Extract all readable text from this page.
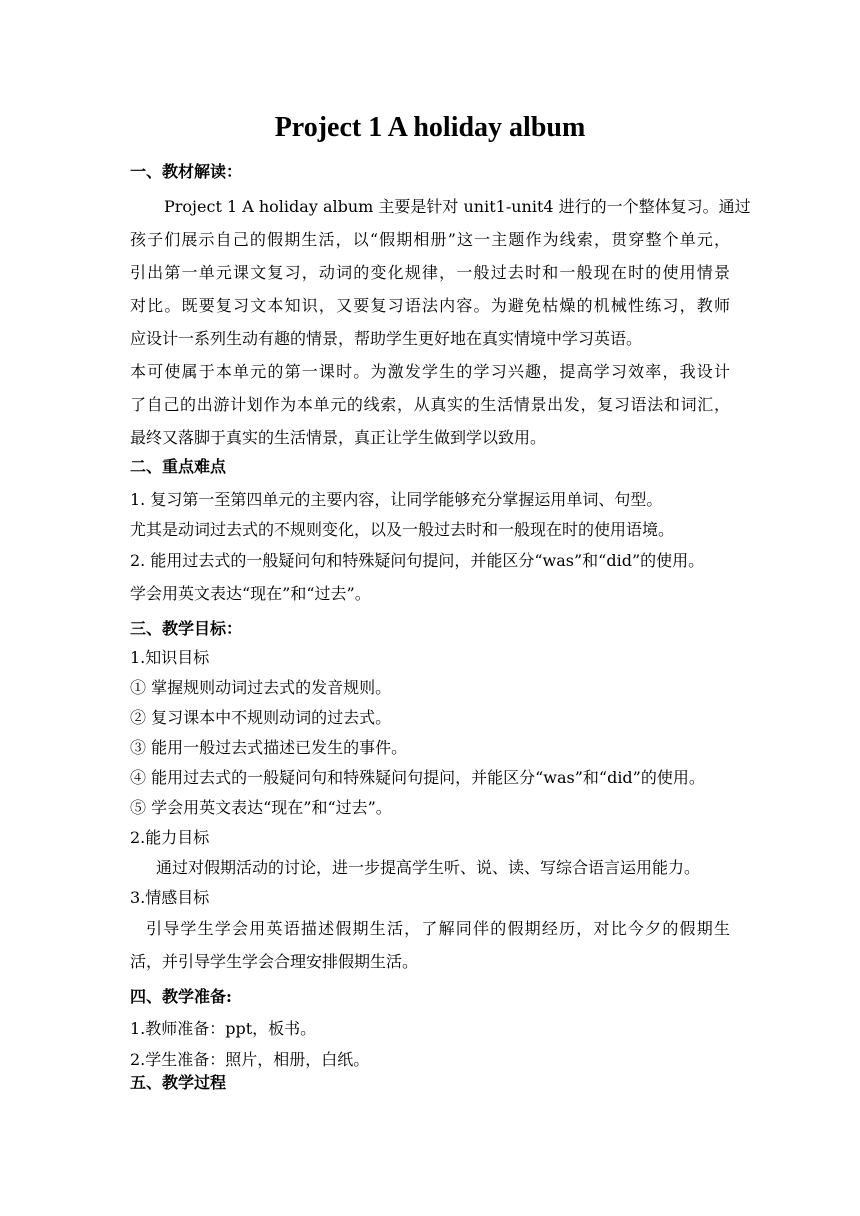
Project 1 A holiday album
一、教材解读：
Project 1 A holiday album 主要是针对 unit1-unit4 进行的一个整体复习。通过
孩子们展示自己的假期生活，以“假期相册”这一主题作为线索，贯穿整个单元，
引出第一单元课文复习，动词的变化规律，一般过去时和一般现在时的使用情景
对比。既要复习文本知识，又要复习语法内容。为避免枯燥的机械性练习，教师
应设计一系列生动有趣的情景，帮助学生更好地在真实情境中学习英语。
本可使属于本单元的第一课时。为激发学生的学习兴趣，提高学习效率，我设计
了自己的出游计划作为本单元的线索，从真实的生活情景出发，复习语法和词汇，
最终又落脚于真实的生活情景，真正让学生做到学以致用。
二、重点难点
1. 复习第一至第四单元的主要内容，让同学能够充分掌握运用单词、句型。
尤其是动词过去式的不规则变化，以及一般过去时和一般现在时的使用语境。
2. 能用过去式的一般疑问句和特殊疑问句提问，并能区分“was”和“did”的使用。
学会用英文表达“现在”和“过去”。
三、教学目标：
1.知识目标
① 掌握规则动词过去式的发音规则。
② 复习课本中不规则动词的过去式。
③ 能用一般过去式描述已发生的事件。
④ 能用过去式的一般疑问句和特殊疑问句提问，并能区分“was”和“did”的使用。
⑤ 学会用英文表达“现在”和“过去”。
2.能力目标
通过对假期活动的讨论，进一步提高学生听、说、读、写综合语言运用能力。
3.情感目标
引导学生学会用英语描述假期生活，了解同伴的假期经历，对比今夕的假期生
活，并引导学生学会合理安排假期生活。
四、教学准备:
1.教师准备：ppt，板书。
2.学生准备：照片，相册，白纸。
五、教学过程
